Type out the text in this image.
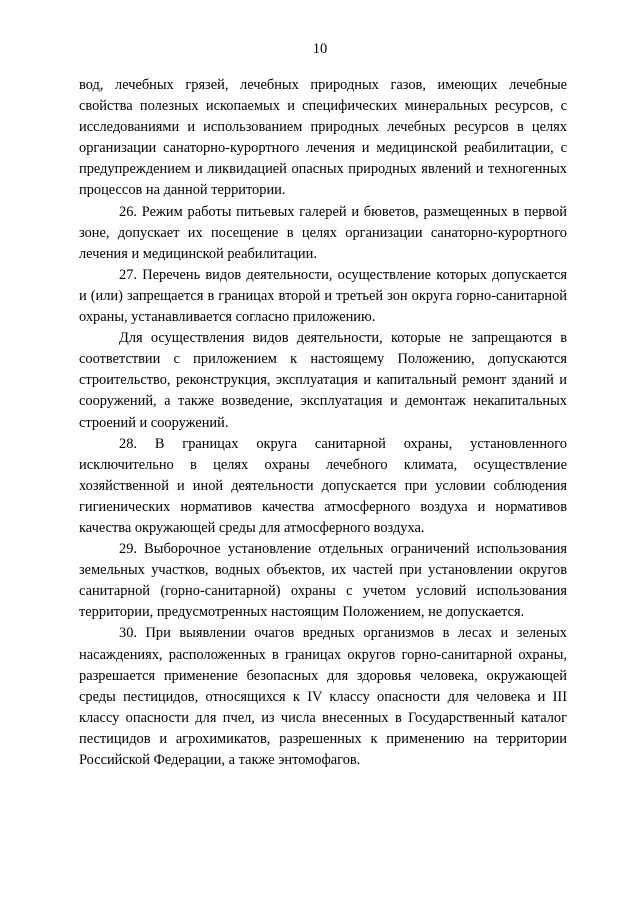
10

вод, лечебных грязей, лечебных природных газов, имеющих лечебные свойства полезных ископаемых и специфических минеральных ресурсов, с исследованиями и использованием природных лечебных ресурсов в целях организации санаторно-курортного лечения и медицинской реабилитации, с предупреждением и ликвидацией опасных природных явлений и техногенных процессов на данной территории.

26. Режим работы питьевых галерей и бюветов, размещенных в первой зоне, допускает их посещение в целях организации санаторно-курортного лечения и медицинской реабилитации.

27. Перечень видов деятельности, осуществление которых допускается и (или) запрещается в границах второй и третьей зон округа горно-санитарной охраны, устанавливается согласно приложению.

Для осуществления видов деятельности, которые не запрещаются в соответствии с приложением к настоящему Положению, допускаются строительство, реконструкция, эксплуатация и капитальный ремонт зданий и сооружений, а также возведение, эксплуатация и демонтаж некапитальных строений и сооружений.

28. В границах округа санитарной охраны, установленного исключительно в целях охраны лечебного климата, осуществление хозяйственной и иной деятельности допускается при условии соблюдения гигиенических нормативов качества атмосферного воздуха и нормативов качества окружающей среды для атмосферного воздуха.

29. Выборочное установление отдельных ограничений использования земельных участков, водных объектов, их частей при установлении округов санитарной (горно-санитарной) охраны с учетом условий использования территории, предусмотренных настоящим Положением, не допускается.

30. При выявлении очагов вредных организмов в лесах и зеленых насаждениях, расположенных в границах округов горно-санитарной охраны, разрешается применение безопасных для здоровья человека, окружающей среды пестицидов, относящихся к IV классу опасности для человека и III классу опасности для пчел, из числа внесенных в Государственный каталог пестицидов и агрохимикатов, разрешенных к применению на территории Российской Федерации, а также энтомофагов.
